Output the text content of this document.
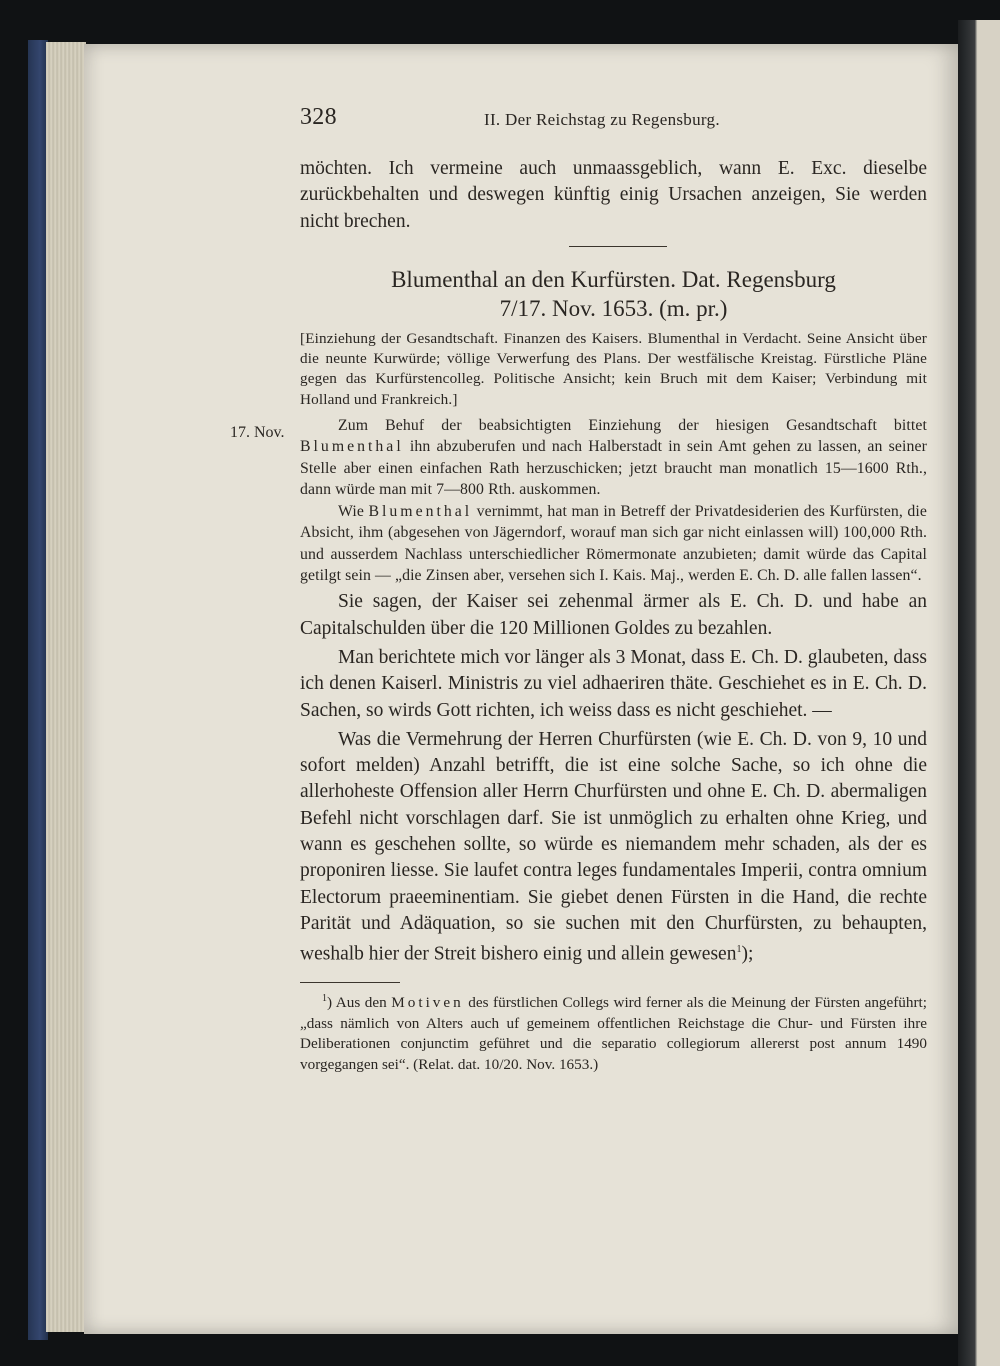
328	II. Der Reichstag zu Regensburg.
17. Nov.

möchten. Ich vermeine auch unmaassgeblich, wann E. Exc. dieselbe zurückbehalten und deswegen künftig einig Ursachen anzeigen, Sie werden nicht brechen.

Blumenthal an den Kurfürsten. Dat. Regensburg
7/17. Nov. 1653. (m. pr.)

[Einziehung der Gesandtschaft. Finanzen des Kaisers. Blumenthal in Verdacht. Seine Ansicht über die neunte Kurwürde; völlige Verwerfung des Plans. Der westfälische Kreistag. Fürstliche Pläne gegen das Kurfürstencolleg. Politische Ansicht; kein Bruch mit dem Kaiser; Verbindung mit Holland und Frankreich.]

Zum Behuf der beabsichtigten Einziehung der hiesigen Gesandtschaft bittet Blumenthal ihn abzuberufen und nach Halberstadt in sein Amt gehen zu lassen, an seiner Stelle aber einen einfachen Rath herzuschicken; jetzt braucht man monatlich 15—1600 Rth., dann würde man mit 7—800 Rth. auskommen.

Wie Blumenthal vernimmt, hat man in Betreff der Privatdesiderien des Kurfürsten, die Absicht, ihm (abgesehen von Jägerndorf, worauf man sich gar nicht einlassen will) 100,000 Rth. und ausserdem Nachlass unterschiedlicher Römermonate anzubieten; damit würde das Capital getilgt sein — „die Zinsen aber, versehen sich I. Kais. Maj., werden E. Ch. D. alle fallen lassen“.

Sie sagen, der Kaiser sei zehenmal ärmer als E. Ch. D. und habe an Capitalschulden über die 120 Millionen Goldes zu bezahlen.

Man berichtete mich vor länger als 3 Monat, dass E. Ch. D. glaubeten, dass ich denen Kaiserl. Ministris zu viel adhaeriren thäte. Geschiehet es in E. Ch. D. Sachen, so wirds Gott richten, ich weiss dass es nicht geschiehet. —

Was die Vermehrung der Herren Churfürsten (wie E. Ch. D. von 9, 10 und sofort melden) Anzahl betrifft, die ist eine solche Sache, so ich ohne die allerhoheste Offension aller Herrn Churfürsten und ohne E. Ch. D. abermaligen Befehl nicht vorschlagen darf. Sie ist unmöglich zu erhalten ohne Krieg, und wann es geschehen sollte, so würde es niemandem mehr schaden, als der es proponiren liesse. Sie laufet contra leges fundamentales Imperii, contra omnium Electorum praeeminentiam. Sie giebet denen Fürsten in die Hand, die rechte Parität und Adäquation, so sie suchen mit den Churfürsten, zu behaupten, weshalb hier der Streit bishero einig und allein gewesen$^1$);

$^1$) Aus den Motiven des fürstlichen Collegs wird ferner als die Meinung der Fürsten angeführt; „dass nämlich von Alters auch uf gemeinem offentlichen Reichstage die Chur- und Fürsten ihre Deliberationen conjunctim geführet und die separatio collegiorum allererst post annum 1490 vorgegangen sei“. (Relat. dat. 10/20. Nov. 1653.)
